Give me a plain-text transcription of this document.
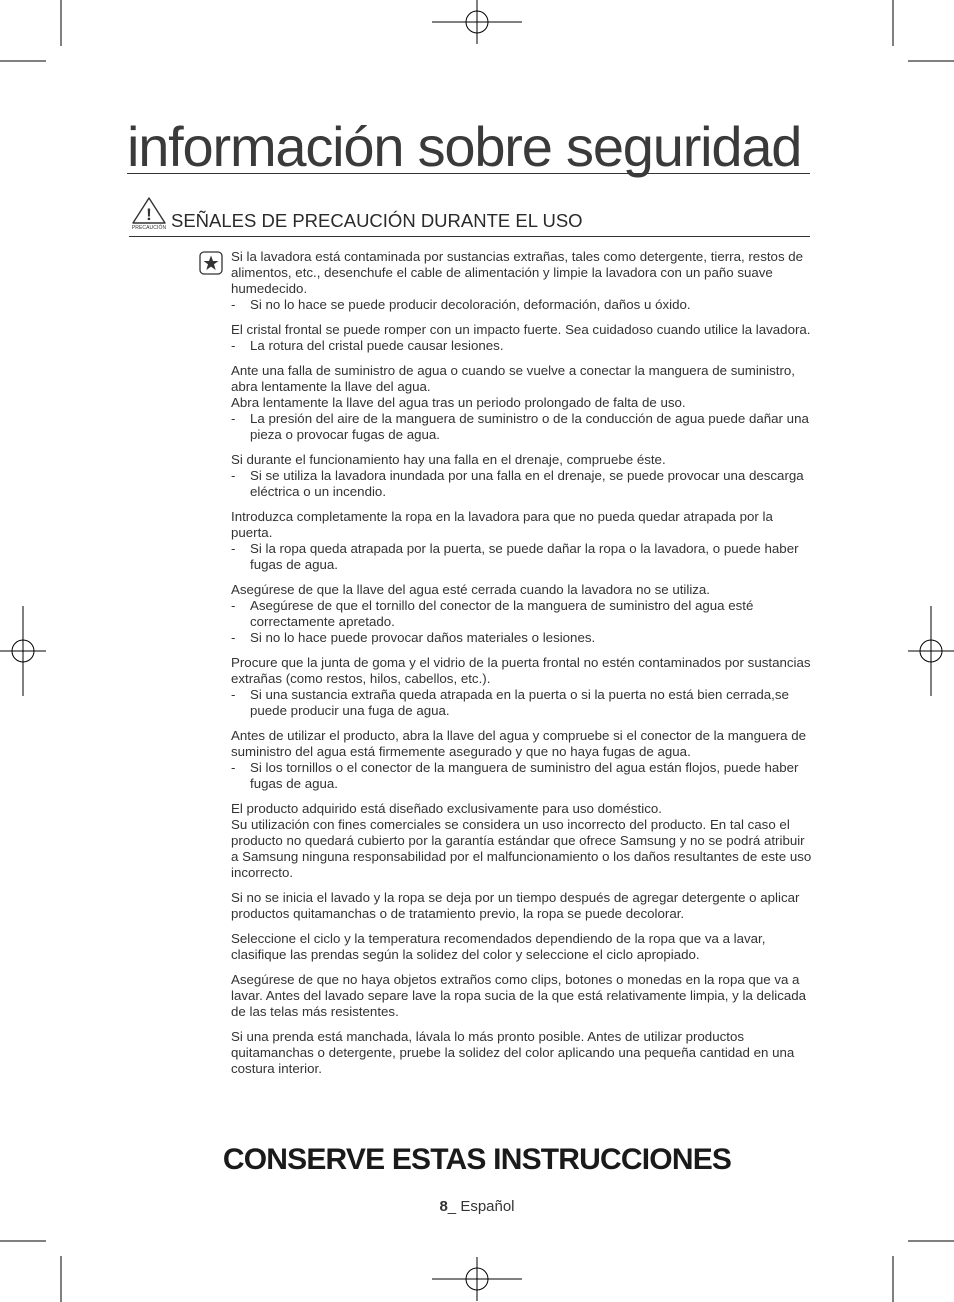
información sobre seguridad
!
PRECAUCIÓN SEÑALES DE PRECAUCIÓN DURANTE EL USO

Si la lavadora está contaminada por sustancias extrañas, tales como detergente, tierra, restos de alimentos, etc., desenchufe el cable de alimentación y limpie la lavadora con un paño suave humedecido.

- Si no lo hace se puede producir decoloración, deformación, daños u óxido.

El cristal frontal se puede romper con un impacto fuerte. Sea cuidadoso cuando utilice la lavadora.

- La rotura del cristal puede causar lesiones.

Ante una falla de suministro de agua o cuando se vuelve a conectar la manguera de suministro, abra lentamente la llave del agua.

Abra lentamente la llave del agua tras un periodo prolongado de falta de uso.

- La presión del aire de la manguera de suministro o de la conducción de agua puede dañar una pieza o provocar fugas de agua.

Si durante el funcionamiento hay una falla en el drenaje, compruebe éste.

- Si se utiliza la lavadora inundada por una falla en el drenaje, se puede provocar una descarga eléctrica o un incendio.

Introduzca completamente la ropa en la lavadora para que no pueda quedar atrapada por la puerta.

- Si la ropa queda atrapada por la puerta, se puede dañar la ropa o la lavadora, o puede haber fugas de agua.

Asegúrese de que la llave del agua esté cerrada cuando la lavadora no se utiliza.

- Asegúrese de que el tornillo del conector de la manguera de suministro del agua esté correctamente apretado.
- Si no lo hace puede provocar daños materiales o lesiones.

Procure que la junta de goma y el vidrio de la puerta frontal no estén contaminados por sustancias extrañas (como restos, hilos, cabellos, etc.).

- Si una sustancia extraña queda atrapada en la puerta o si la puerta no está bien cerrada,se puede producir una fuga de agua.

Antes de utilizar el producto, abra la llave del agua y compruebe si el conector de la manguera de suministro del agua está firmemente asegurado y que no haya fugas de agua.

- Si los tornillos o el conector de la manguera de suministro del agua están flojos, puede haber fugas de agua.

El producto adquirido está diseñado exclusivamente para uso doméstico.

Su utilización con fines comerciales se considera un uso incorrecto del producto. En tal caso el producto no quedará cubierto por la garantía estándar que ofrece Samsung y no se podrá atribuir a Samsung ninguna responsabilidad por el malfuncionamiento o los daños resultantes de este uso incorrecto.

Si no se inicia el lavado y la ropa se deja por un tiempo después de agregar detergente o aplicar productos quitamanchas o de tratamiento previo, la ropa se puede decolorar.

Seleccione el ciclo y la temperatura recomendados dependiendo de la ropa que va a lavar, clasifique las prendas según la solidez del color y seleccione el ciclo apropiado.

Asegúrese de que no haya objetos extraños como clips, botones o monedas en la ropa que va a lavar. Antes del lavado separe lave la ropa sucia de la que está relativamente limpia, y la delicada de las telas más resistentes.

Si una prenda está manchada, lávala lo más pronto posible. Antes de utilizar productos quitamanchas o detergente, pruebe la solidez del color aplicando una pequeña cantidad en una costura interior.

CONSERVE ESTAS INSTRUCCIONES
8_ Español
